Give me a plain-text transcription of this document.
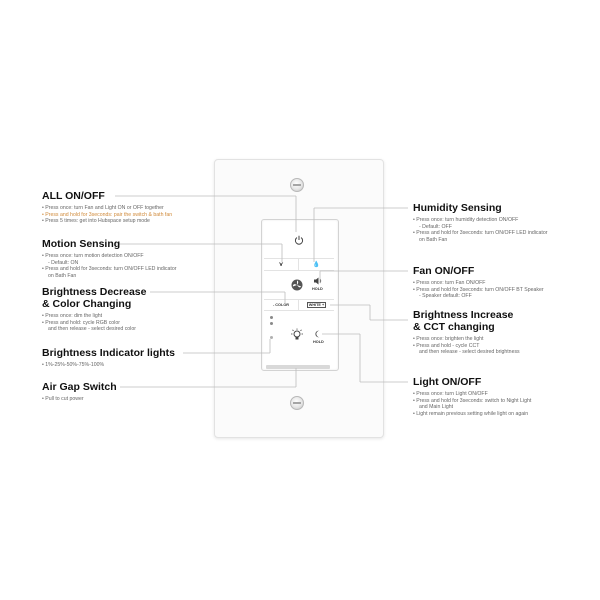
⋎	💧
HOLD
- COLOR	WHITE +
HOLD
ALL ON/OFF
• Press once: turn Fan and Light ON or OFF together
• Press and hold for 3seconds: pair the switch & bath fan
• Press 5 times: get into Hubspace setup mode
Motion Sensing
• Press once: turn motion detection ON/OFF
- Default: ON
• Press and hold for 3seconds: turn ON/OFF LED indicator
on Bath Fan
Brightness Decrease
& Color Changing
• Press once: dim the light
• Press and hold: cycle RGB color
and then release - select desired color
Brightness Indicator lights
• 1%-25%-50%-75%-100%
Air Gap Switch
• Pull to cut power
Humidity Sensing
• Press once: turn humidity detection ON/OFF
- Default: OFF
• Press and hold for 3seconds: turn ON/OFF LED indicator
on Bath Fan
Fan ON/OFF
• Press once: turn Fan ON/OFF
• Press and hold for 3seconds: turn ON/OFF BT Speaker
- Speaker default: OFF
Brightness Increase
& CCT changing
• Press once: brighten the light
• Press and hold - cycle CCT
and then release - select desired brightness
Light ON/OFF
• Press once: turn Light ON/OFF
• Press and hold for 3seconds: switch to Night Light
and Main Light
• Light remain previous setting while light on again
